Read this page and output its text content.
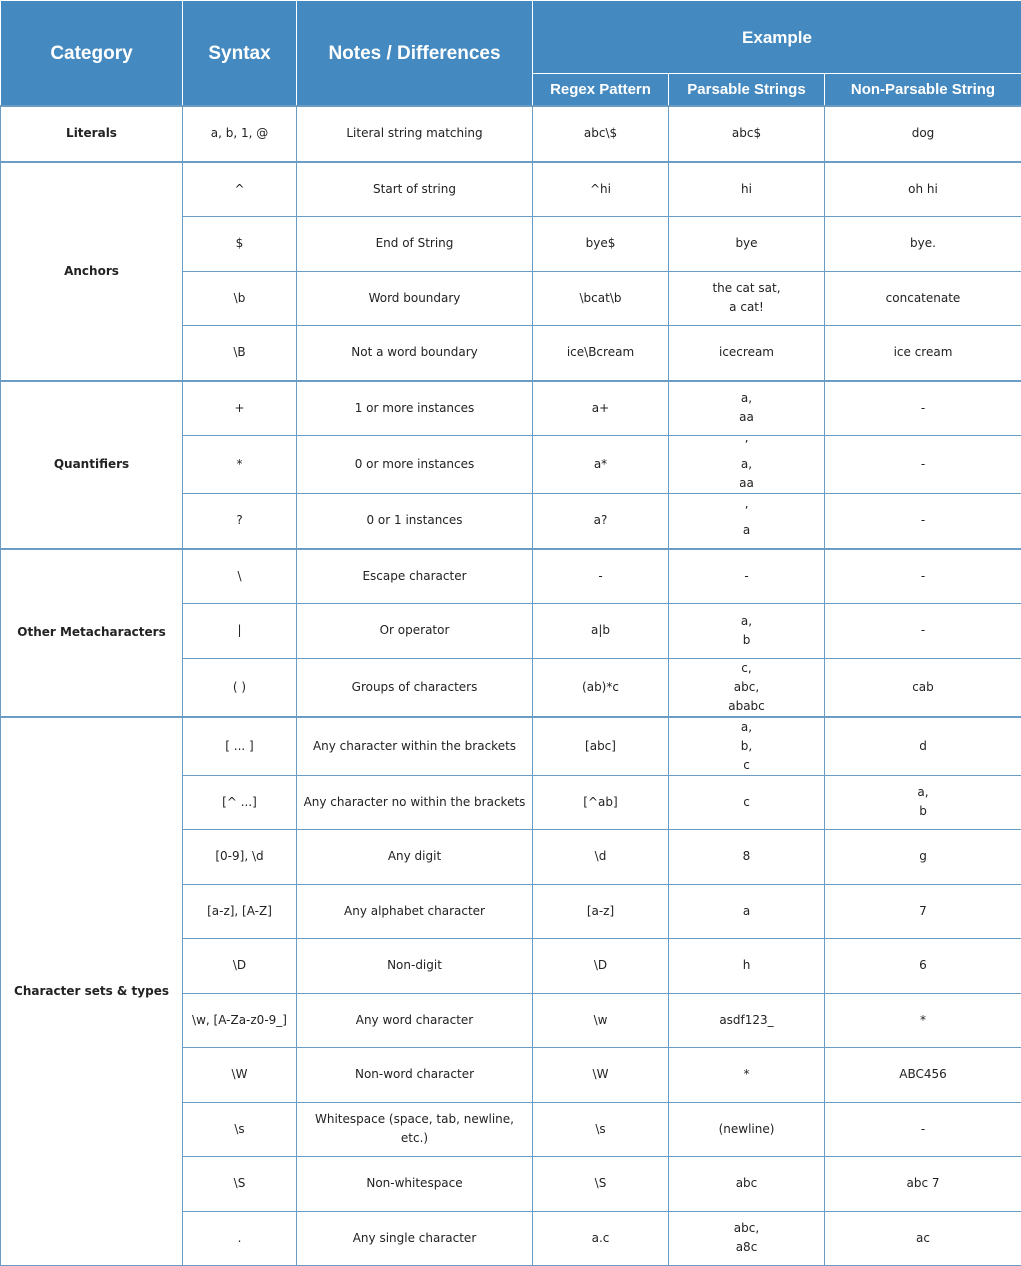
Category	Syntax	Notes / Differences	Example		

			Regex Pattern	Parsable Strings	Non-Parsable String
Literals	a, b, 1, @	Literal string matching	abc\$	abc$	dog

Anchors	^	Start of string	^hi	hi	oh hi

	$	End of String	bye$	bye	bye.

	\b	Word boundary	\bcat\b	the cat sat,
a cat!	concatenate

	\B	Not a word boundary	ice\Bcream	icecream	ice cream

Quantifiers	+	1 or more instances	a+	a,
aa	-

	*	0 or more instances	a*	’
a,
aa	-

	?	0 or 1 instances	a?	’
a	-

Other Metacharacters	\	Escape character	-	-	-

	|	Or operator	a|b	a,
b	-

	( )	Groups of characters	(ab)*c	c,
abc,
ababc	cab

Character sets & types	[ ... ]	Any character within the brackets	[abc]	a,
b,
c	d

	[^ ...]	Any character no within the brackets	[^ab]	c	a,
b

	[0-9], \d	Any digit	\d	8	g

	[a-z], [A-Z]	Any alphabet character	[a-z]	a	7

	\D	Non-digit	\D	h	6

	\w, [A-Za-z0-9_]	Any word character	\w	asdf123_	*

	\W	Non-word character	\W	*	ABC456

	\s	Whitespace (space, tab, newline, etc.)	\s	(newline)	-

	\S	Non-whitespace	\S	abc	abc 7

	.	Any single character	a.c	abc,
a8c	ac
